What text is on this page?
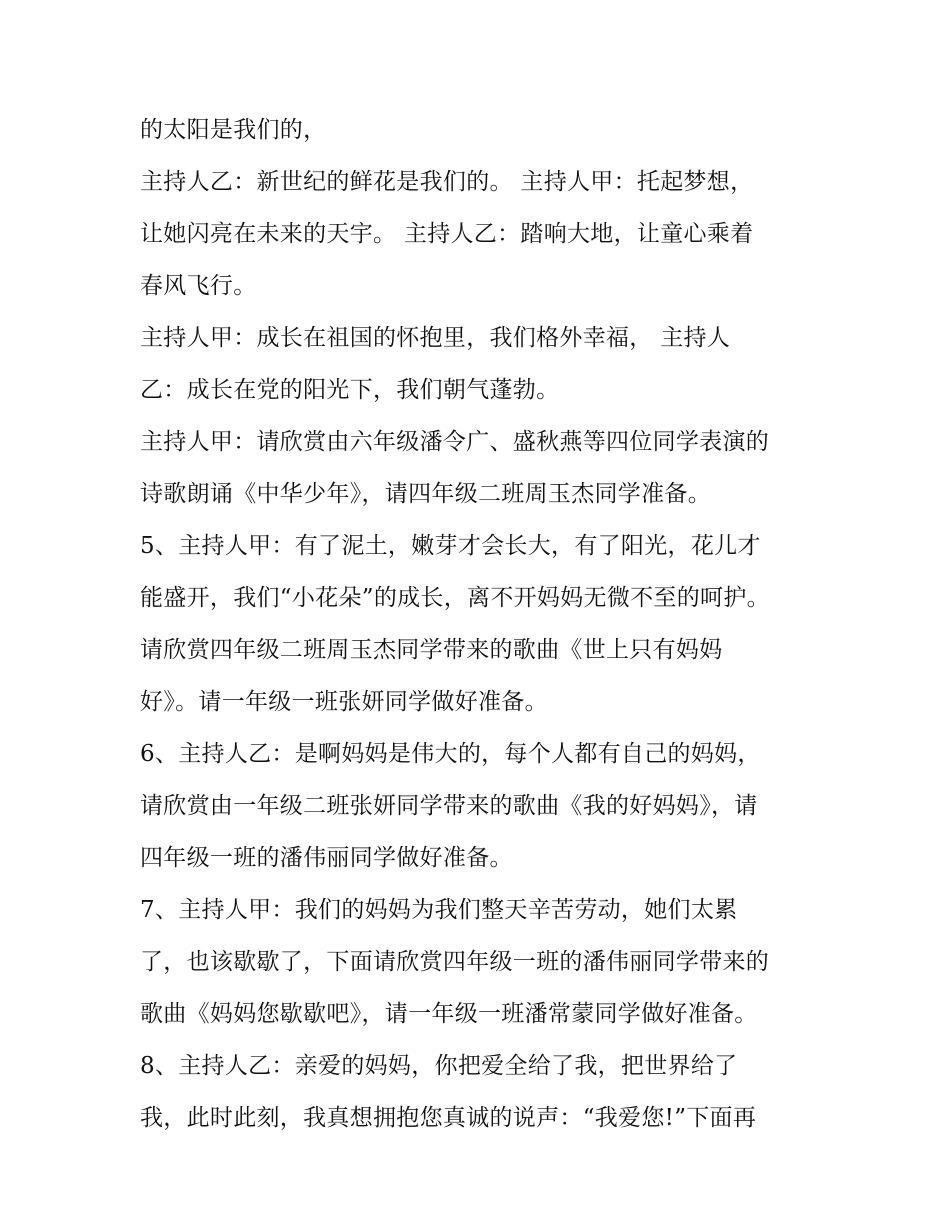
的太阳是我们的，
主持人乙：新世纪的鲜花是我们的。 主持人甲：托起梦想，
让她闪亮在未来的天宇。 主持人乙：踏响大地，让童心乘着
春风飞行。
主持人甲：成长在祖国的怀抱里，我们格外幸福， 主持人
乙：成长在党的阳光下，我们朝气蓬勃。
主持人甲：请欣赏由六年级潘令广、盛秋燕等四位同学表演的
诗歌朗诵《中华少年》，请四年级二班周玉杰同学准备。
5、主持人甲：有了泥土，嫩芽才会长大，有了阳光，花儿才
能盛开，我们“小花朵”的成长，离不开妈妈无微不至的呵护。
请欣赏四年级二班周玉杰同学带来的歌曲《世上只有妈妈
好》。请一年级一班张妍同学做好准备。
6、主持人乙：是啊妈妈是伟大的，每个人都有自己的妈妈，
请欣赏由一年级二班张妍同学带来的歌曲《我的好妈妈》，请
四年级一班的潘伟丽同学做好准备。
7、主持人甲：我们的妈妈为我们整天辛苦劳动，她们太累
了，也该歇歇了，下面请欣赏四年级一班的潘伟丽同学带来的
歌曲《妈妈您歇歇吧》，请一年级一班潘常蒙同学做好准备。
8、主持人乙：亲爱的妈妈，你把爱全给了我，把世界给了
我，此时此刻，我真想拥抱您真诚的说声：“我爱您!”下面再
